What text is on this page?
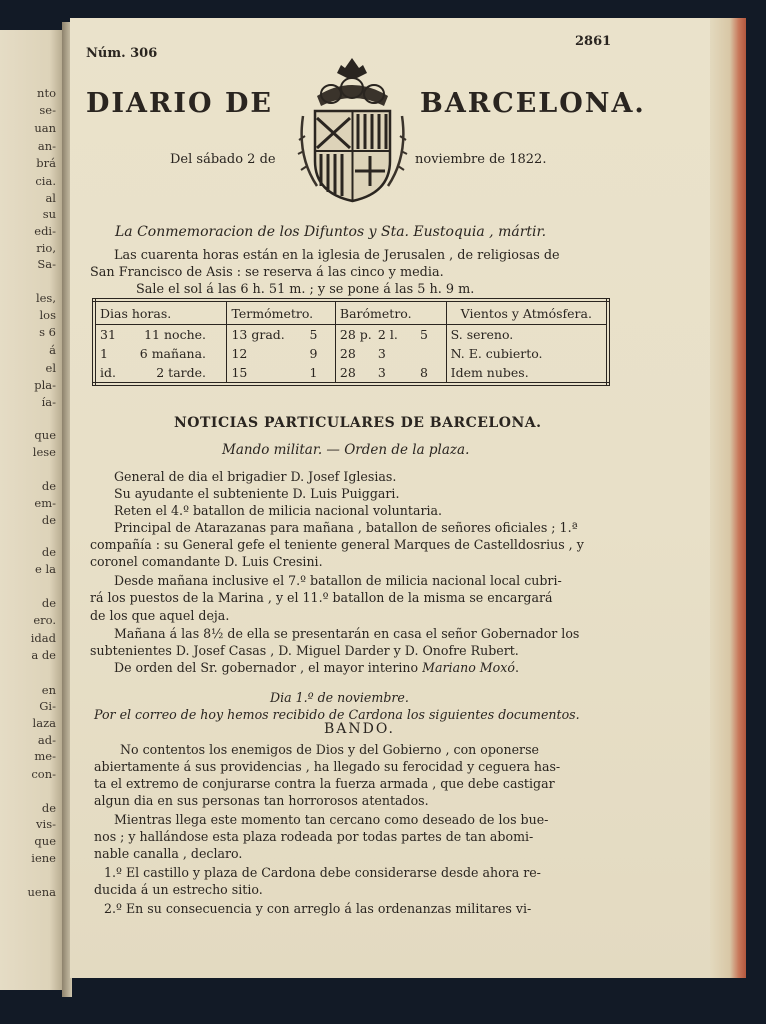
nto
se-
uan
an-
brá
cia.
al
su
edi-
rio,
Sa-
les,
los
s 6
á
el
pla-
ía-
que
lese
de
em-
de
de
e la
de
ero.
idad
a de
en
Gi-
laza
ad-
me-
con-
de
vis-
que
iene
uena
Núm. 306
2861
DIARIO DE	BARCELONA.
Del sábado 2 de	noviembre de 1822.
La Conmemoracion de los Difuntos y Sta. Eustoquia , mártir.
Las cuarenta horas están en la iglesia de Jerusalen , de religiosas de
San Francisco de Asis : se reserva á las cinco y media.
Sale el sol á las 6 h. 51 m. ; y se pone á las 5 h. 9 m.
Dias horas.	Termómetro.	Barómetro.	Vientos y Atmósfera.
31 11 noche.	13 grad. 5	28 p. 2 l. 5	S. sereno.
1 6 mañana.	12 9	28 3	N. E. cubierto.
id. 2 tarde.	15 1	28 3 8	Idem nubes.
NOTICIAS PARTICULARES DE BARCELONA.
Mando militar. — Orden de la plaza.
General de dia el brigadier D. Josef Iglesias.
Su ayudante el subteniente D. Luis Puiggari.
Reten el 4.º batallon de milicia nacional voluntaria.
Principal de Atarazanas para mañana , batallon de señores oficiales ; 1.ª
compañía : su General gefe el teniente general Marques de Castelldosrius , y
coronel comandante D. Luis Cresini.
Desde mañana inclusive el 7.º batallon de milicia nacional local cubri-
rá los puestos de la Marina , y el 11.º batallon de la misma se encargará
de los que aquel deja.
Mañana á las 8½ de ella se presentarán en casa el señor Gobernador los
subtenientes D. Josef Casas , D. Miguel Darder y D. Onofre Rubert.
De orden del Sr. gobernador , el mayor interino Mariano Moxó.
Dia 1.º de noviembre.
Por el correo de hoy hemos recibido de Cardona los siguientes documentos.
BANDO.
No contentos los enemigos de Dios y del Gobierno , con oponerse
abiertamente á sus providencias , ha llegado su ferocidad y ceguera has-
ta el extremo de conjurarse contra la fuerza armada , que debe castigar
algun dia en sus personas tan horrorosos atentados.
Mientras llega este momento tan cercano como deseado de los bue-
nos ; y hallándose esta plaza rodeada por todas partes de tan abomi-
nable canalla , declaro.
1.º El castillo y plaza de Cardona debe considerarse desde ahora re-
ducida á un estrecho sitio.
2.º En su consecuencia y con arreglo á las ordenanzas militares vi-
